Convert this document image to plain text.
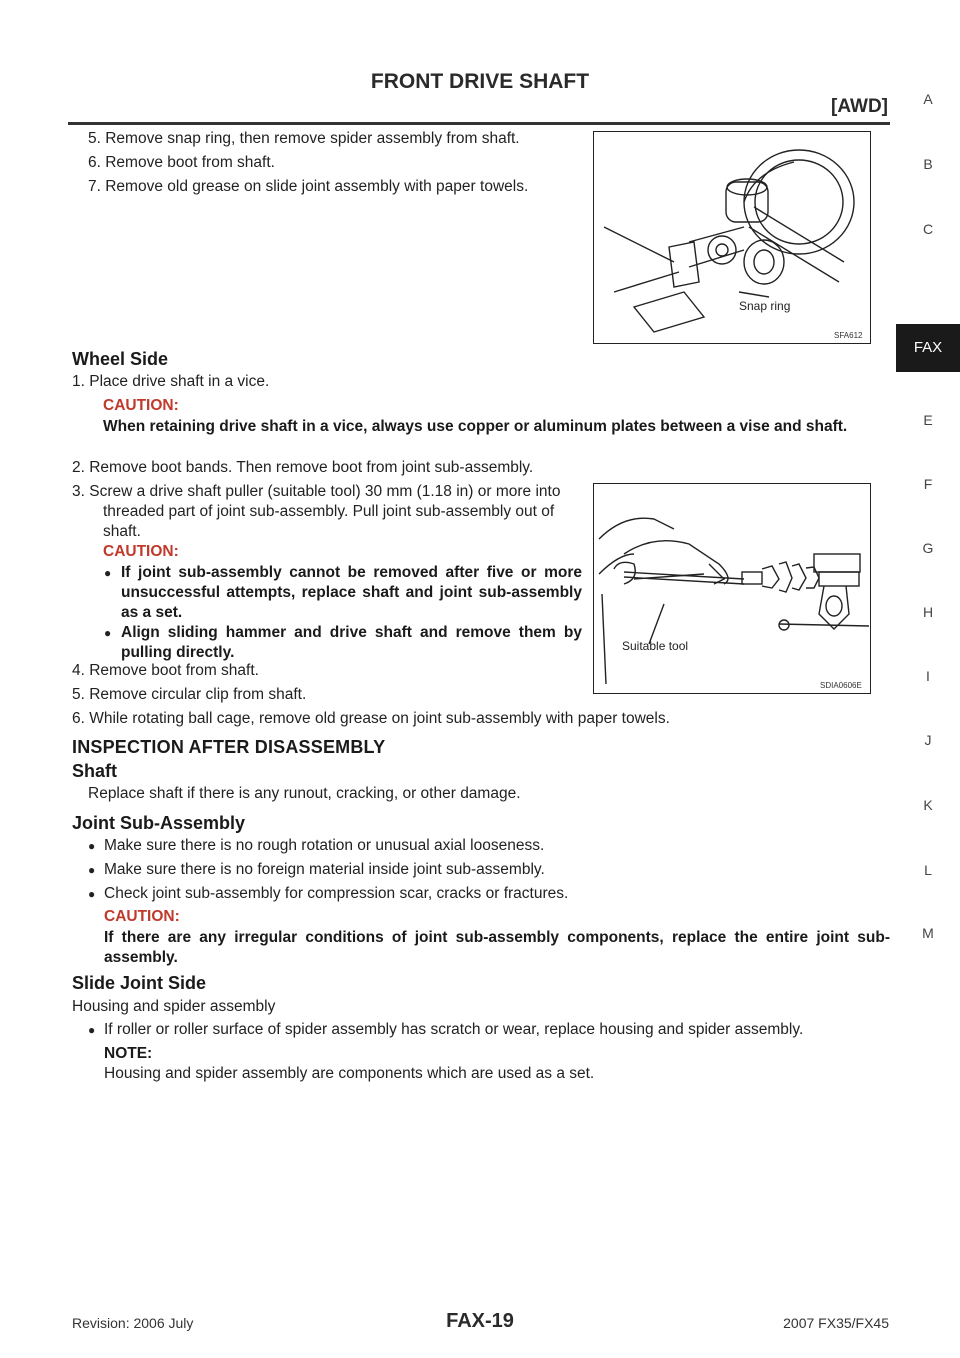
FRONT DRIVE SHAFT
[AWD]	A
B
C
FAX
E
F
G
H
I
J
K
L
M
5. Remove snap ring, then remove spider assembly from shaft.
6. Remove boot from shaft.
7. Remove old grease on slide joint assembly with paper towels.
Snap ring
SFA612
Wheel Side
1. Place drive shaft in a vice.
CAUTION:
When retaining drive shaft in a vice, always use copper or aluminum plates between a vise and shaft.
2. Remove boot bands. Then remove boot from joint sub-assembly.
3. Screw a drive shaft puller (suitable tool) 30 mm (1.18 in) or more into threaded part of joint sub-assembly. Pull joint sub-assembly out of shaft.
CAUTION:
● If joint sub-assembly cannot be removed after five or more unsuccessful attempts, replace shaft and joint sub-assembly as a set.
● Align sliding hammer and drive shaft and remove them by pulling directly.
4. Remove boot from shaft.
5. Remove circular clip from shaft.
6. While rotating ball cage, remove old grease on joint sub-assembly with paper towels.
Suitable tool
SDIA0606E
INSPECTION AFTER DISASSEMBLY
Shaft
Replace shaft if there is any runout, cracking, or other damage.
Joint Sub-Assembly
● Make sure there is no rough rotation or unusual axial looseness.
● Make sure there is no foreign material inside joint sub-assembly.
● Check joint sub-assembly for compression scar, cracks or fractures.
CAUTION:
If there are any irregular conditions of joint sub-assembly components, replace the entire joint sub-assembly.
Slide Joint Side
Housing and spider assembly
● If roller or roller surface of spider assembly has scratch or wear, replace housing and spider assembly.
NOTE:
Housing and spider assembly are components which are used as a set.
Revision: 2006 July	FAX-19	2007 FX35/FX45
